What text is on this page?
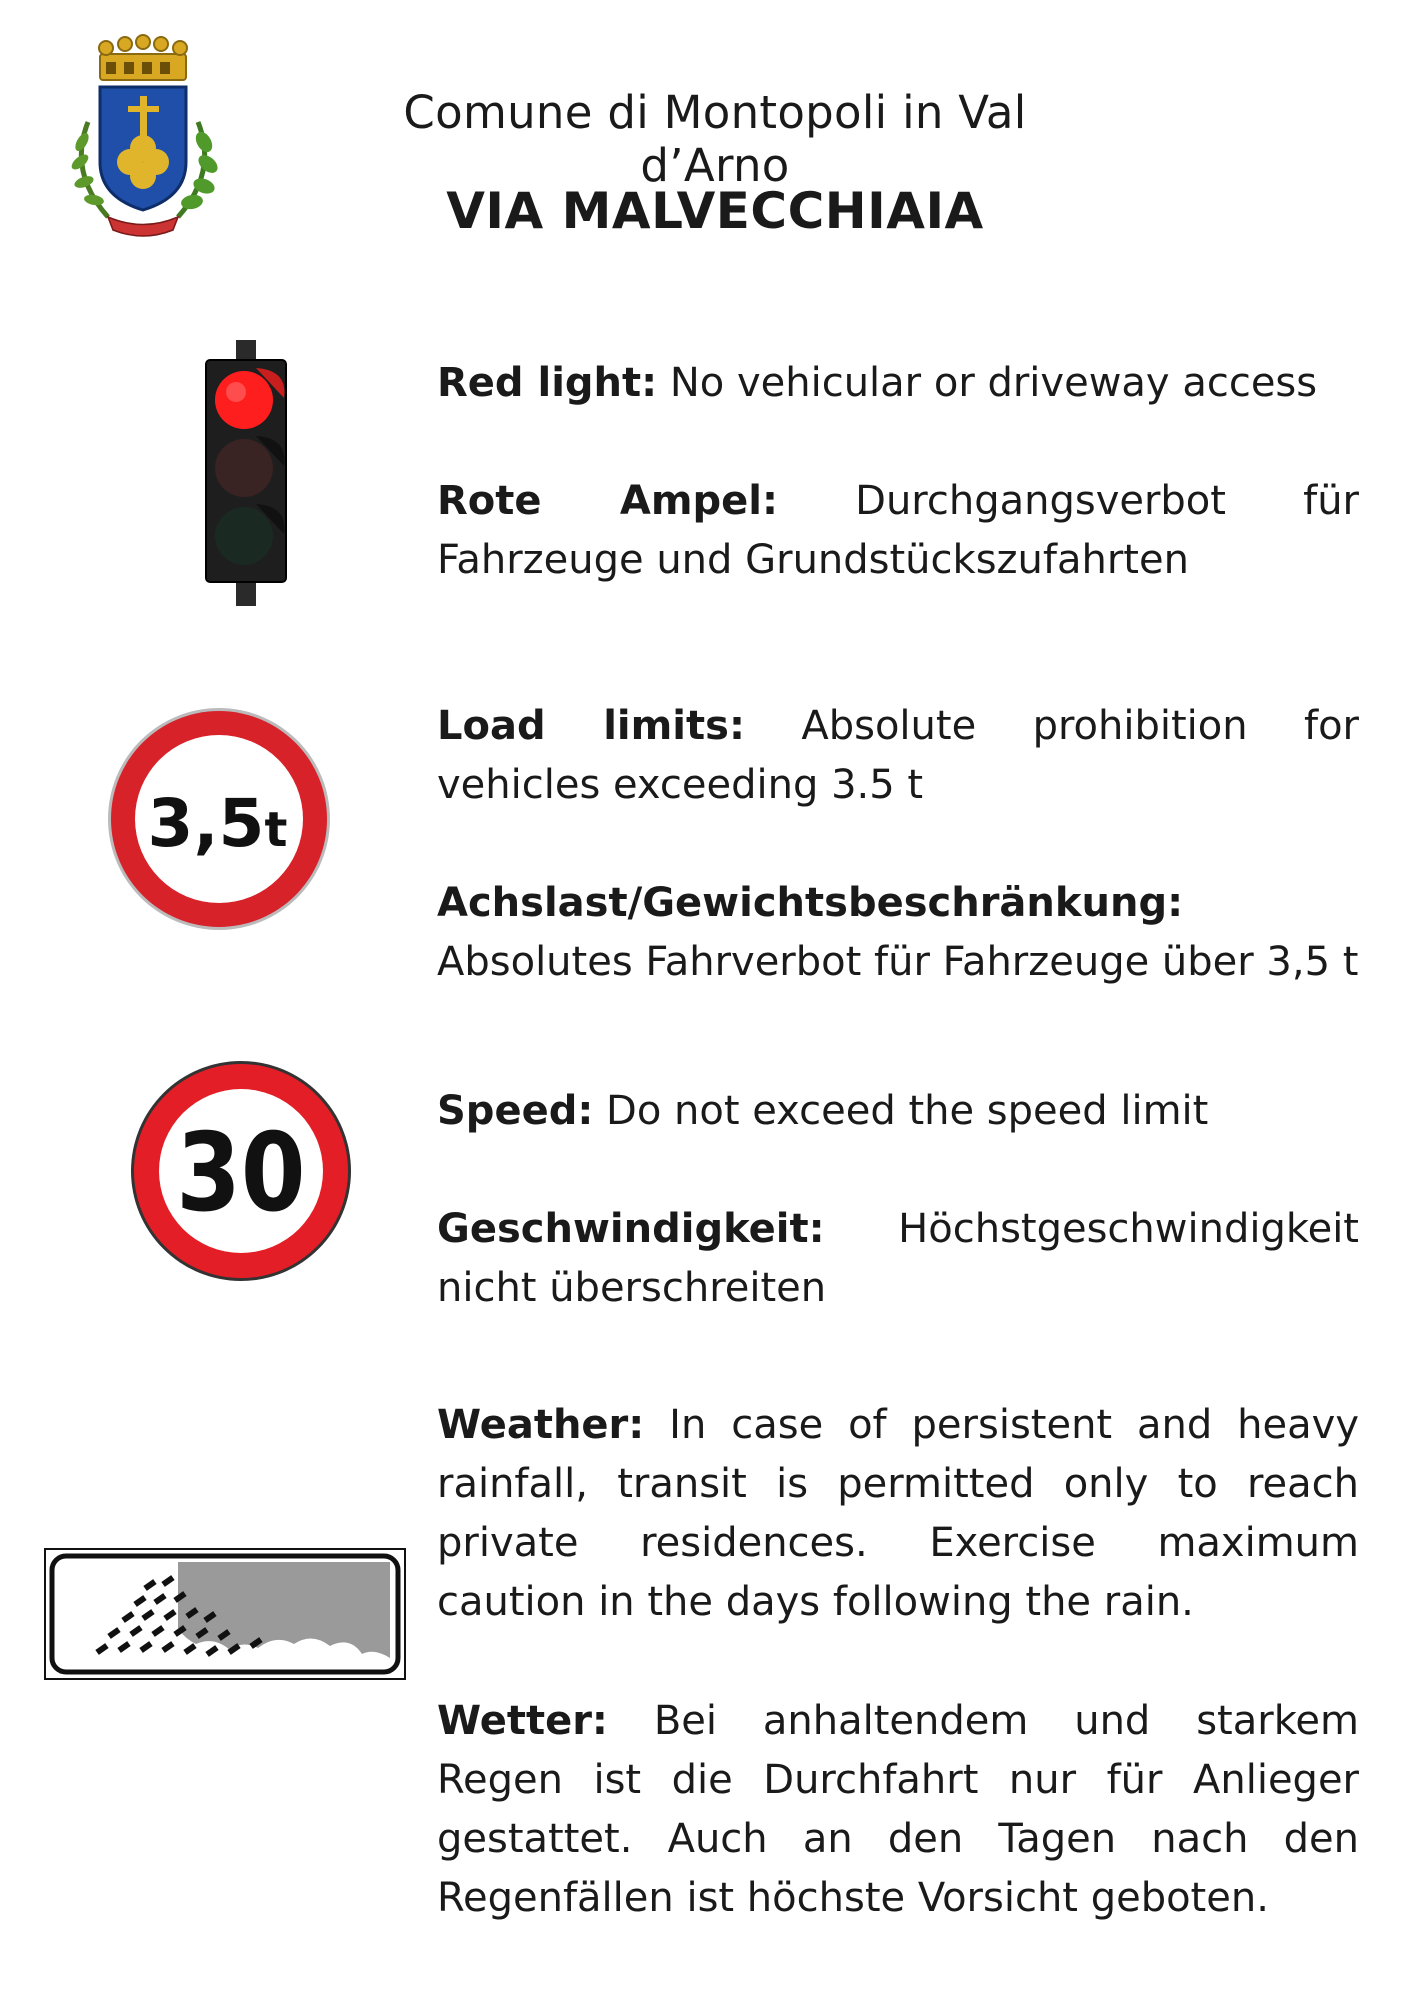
Comune di Montopoli in Val d’Arno
VIA MALVECCHIAIA

Red light: No vehicular or driveway access

Rote Ampel: Durchgangsverbot für Fahrzeuge und Grundstückszufahrten

3,5 t

Load limits: Absolute prohibition for vehicles exceeding 3.5 t

Achslast/Gewichtsbeschränkung: Absolutes Fahrverbot für Fahrzeuge über 3,5 t

30	Speed: Do not exceed the speed limit

Geschwindigkeit: Höchstgeschwindigkeit nicht überschreiten

Weather: In case of persistent and heavy rainfall, transit is permitted only to reach private residences. Exercise maximum caution in the days following the rain.

Wetter: Bei anhaltendem und starkem Regen ist die Durchfahrt nur für Anlieger gestattet. Auch an den Tagen nach den Regenfällen ist höchste Vorsicht geboten.
